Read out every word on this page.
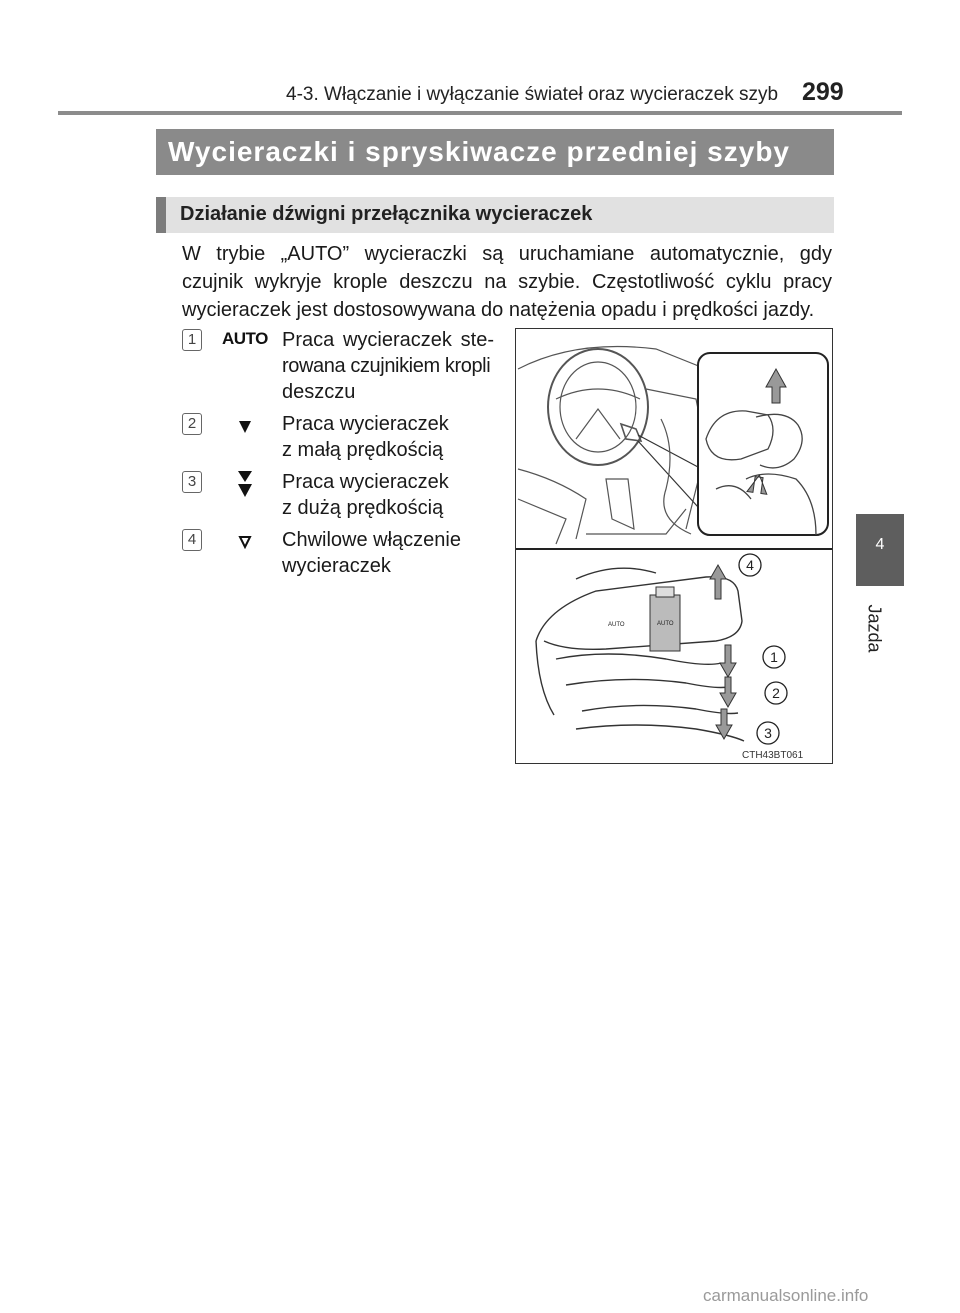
4-3. Włączanie i wyłączanie świateł oraz wycieraczek szyb 299
Wycieraczki i spryskiwacze przedniej szyby
Działanie dźwigni przełącznika wycieraczek

W trybie „AUTO” wycieraczki są uruchamiane automatycznie, gdy

czujnik wykryje krople deszczu na szybie. Częstotliwość cyklu pracy

wycieraczek jest dostosowywana do natężenia opadu i prędkości jazdy.

1	AUTO Praca wycieraczek ste-
rowana czujnikiem kropli
deszczu
2	Praca wycieraczek
z małą prędkością
3	Praca wycieraczek
z dużą prędkością
4	Chwilowe włączenie
wycieraczek
AUTO	AUTO
4
1
2
3
CTH43BT061
4
Jazda
carmanualsonline.info
